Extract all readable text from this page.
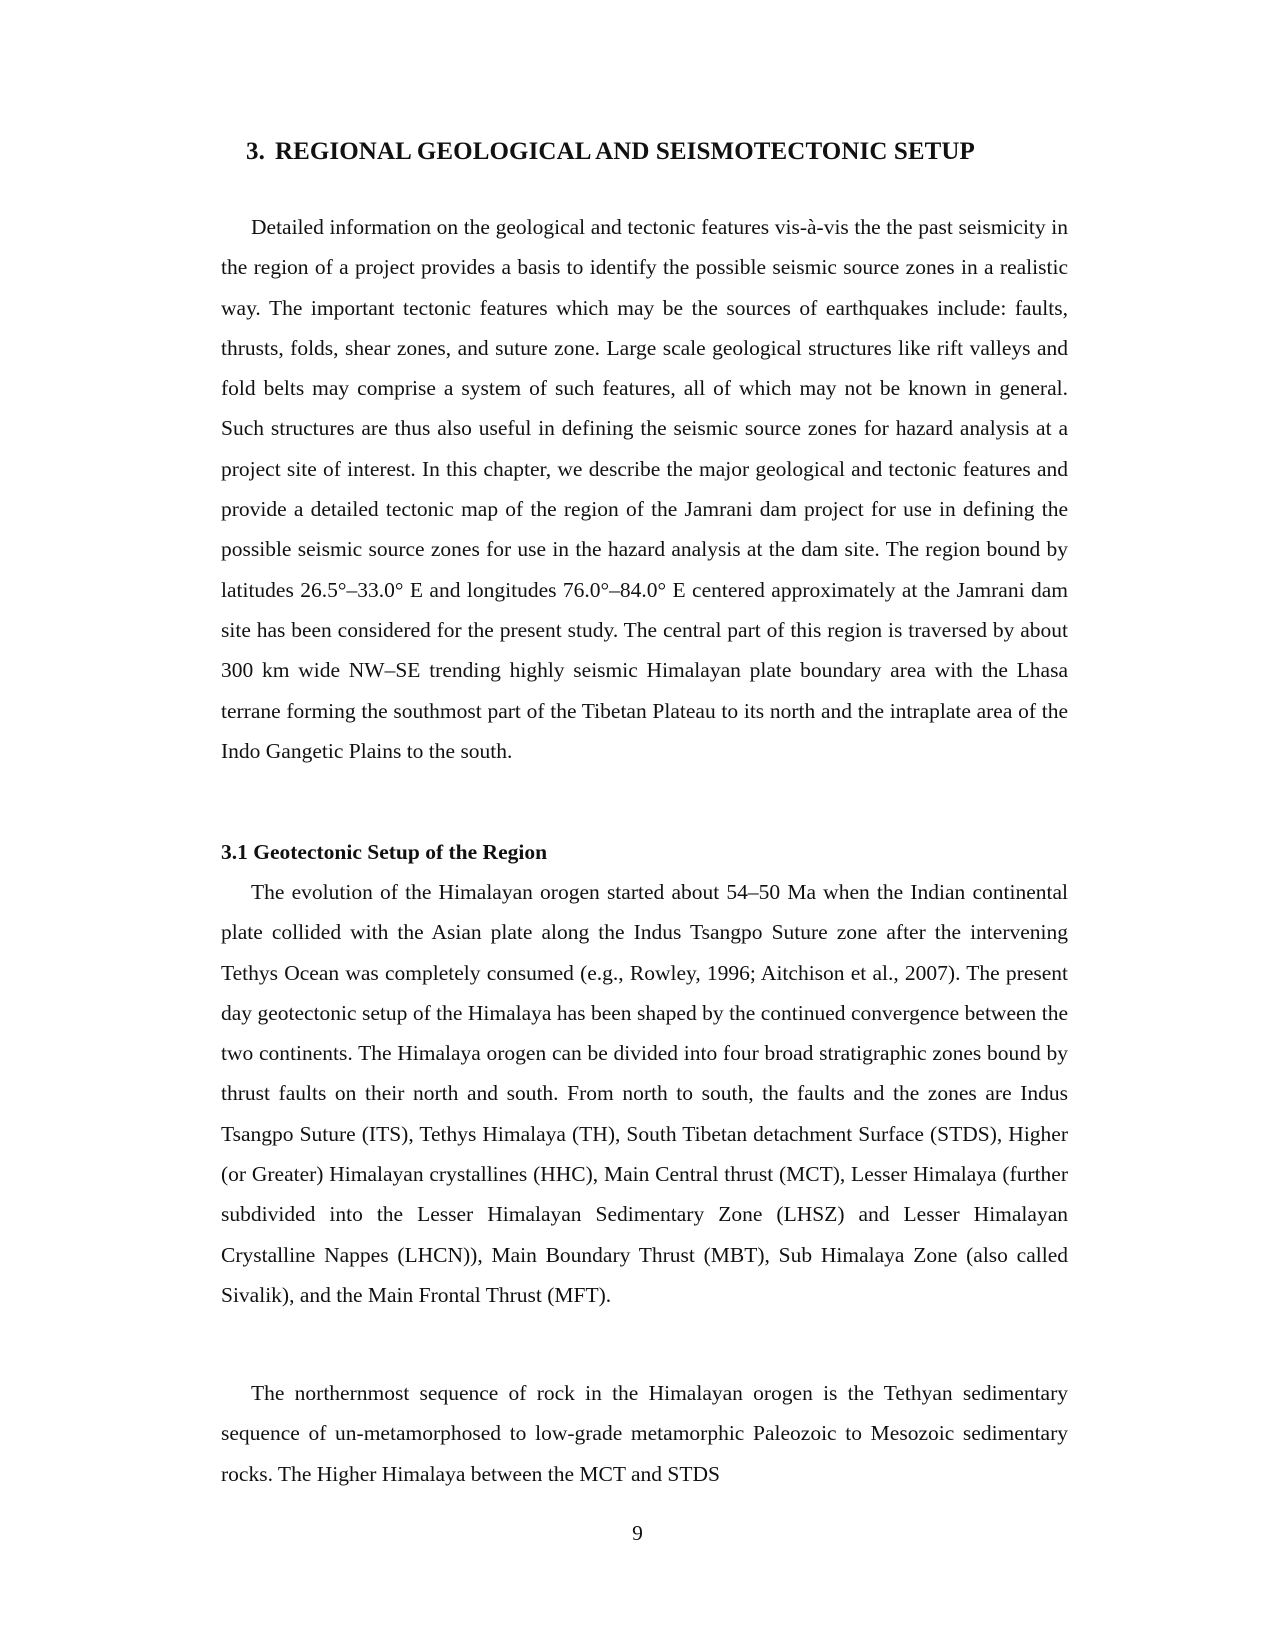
3. REGIONAL GEOLOGICAL AND SEISMOTECTONIC SETUP

Detailed information on the geological and tectonic features vis-à-vis the the past seismicity in the region of a project provides a basis to identify the possible seismic source zones in a realistic way. The important tectonic features which may be the sources of earthquakes include: faults, thrusts, folds, shear zones, and suture zone. Large scale geological structures like rift valleys and fold belts may comprise a system of such features, all of which may not be known in general. Such structures are thus also useful in defining the seismic source zones for hazard analysis at a project site of interest. In this chapter, we describe the major geological and tectonic features and provide a detailed tectonic map of the region of the Jamrani dam project for use in defining the possible seismic source zones for use in the hazard analysis at the dam site. The region bound by latitudes 26.5°–33.0° E and longitudes 76.0°–84.0° E centered approximately at the Jamrani dam site has been considered for the present study. The central part of this region is traversed by about 300 km wide NW–SE trending highly seismic Himalayan plate boundary area with the Lhasa terrane forming the southmost part of the Tibetan Plateau to its north and the intraplate area of the Indo Gangetic Plains to the south.

3.1 Geotectonic Setup of the Region

The evolution of the Himalayan orogen started about 54–50 Ma when the Indian continental plate collided with the Asian plate along the Indus Tsangpo Suture zone after the intervening Tethys Ocean was completely consumed (e.g., Rowley, 1996; Aitchison et al., 2007). The present day geotectonic setup of the Himalaya has been shaped by the continued convergence between the two continents. The Himalaya orogen can be divided into four broad stratigraphic zones bound by thrust faults on their north and south. From north to south, the faults and the zones are Indus Tsangpo Suture (ITS), Tethys Himalaya (TH), South Tibetan detachment Surface (STDS), Higher (or Greater) Himalayan crystallines (HHC), Main Central thrust (MCT), Lesser Himalaya (further subdivided into the Lesser Himalayan Sedimentary Zone (LHSZ) and Lesser Himalayan Crystalline Nappes (LHCN)), Main Boundary Thrust (MBT), Sub Himalaya Zone (also called Sivalik), and the Main Frontal Thrust (MFT).

The northernmost sequence of rock in the Himalayan orogen is the Tethyan sedimentary sequence of un-metamorphosed to low-grade metamorphic Paleozoic to Mesozoic sedimentary rocks. The Higher Himalaya between the MCT and STDS

9
